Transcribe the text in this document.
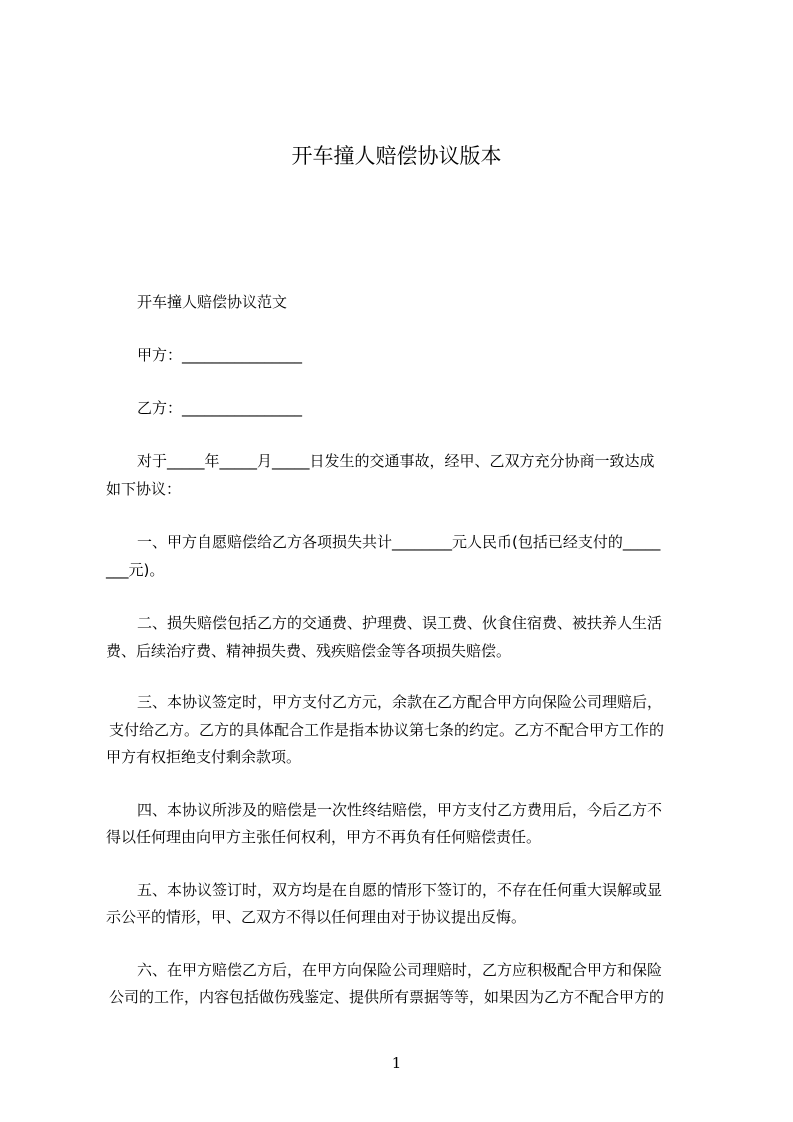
开车撞人赔偿协议版本

开车撞人赔偿协议范文

甲方：________________

乙方：________________

对于_____年_____月_____日发生的交通事故，经甲、乙双方充分协商一致达成

如下协议：

一、甲方自愿赔偿给乙方各项损失共计________元人民币(包括已经支付的_____

___元)。

二、损失赔偿包括乙方的交通费、护理费、误工费、伙食住宿费、被扶养人生活

费、后续治疗费、精神损失费、残疾赔偿金等各项损失赔偿。

三、本协议签定时，甲方支付乙方元，余款在乙方配合甲方向保险公司理赔后，

支付给乙方。乙方的具体配合工作是指本协议第七条的约定。乙方不配合甲方工作的

甲方有权拒绝支付剩余款项。

四、本协议所涉及的赔偿是一次性终结赔偿，甲方支付乙方费用后，今后乙方不

得以任何理由向甲方主张任何权利，甲方不再负有任何赔偿责任。

五、本协议签订时，双方均是在自愿的情形下签订的，不存在任何重大误解或显

示公平的情形，甲、乙双方不得以任何理由对于协议提出反悔。

六、在甲方赔偿乙方后，在甲方向保险公司理赔时，乙方应积极配合甲方和保险

公司的工作，内容包括做伤残鉴定、提供所有票据等等，如果因为乙方不配合甲方的

1
